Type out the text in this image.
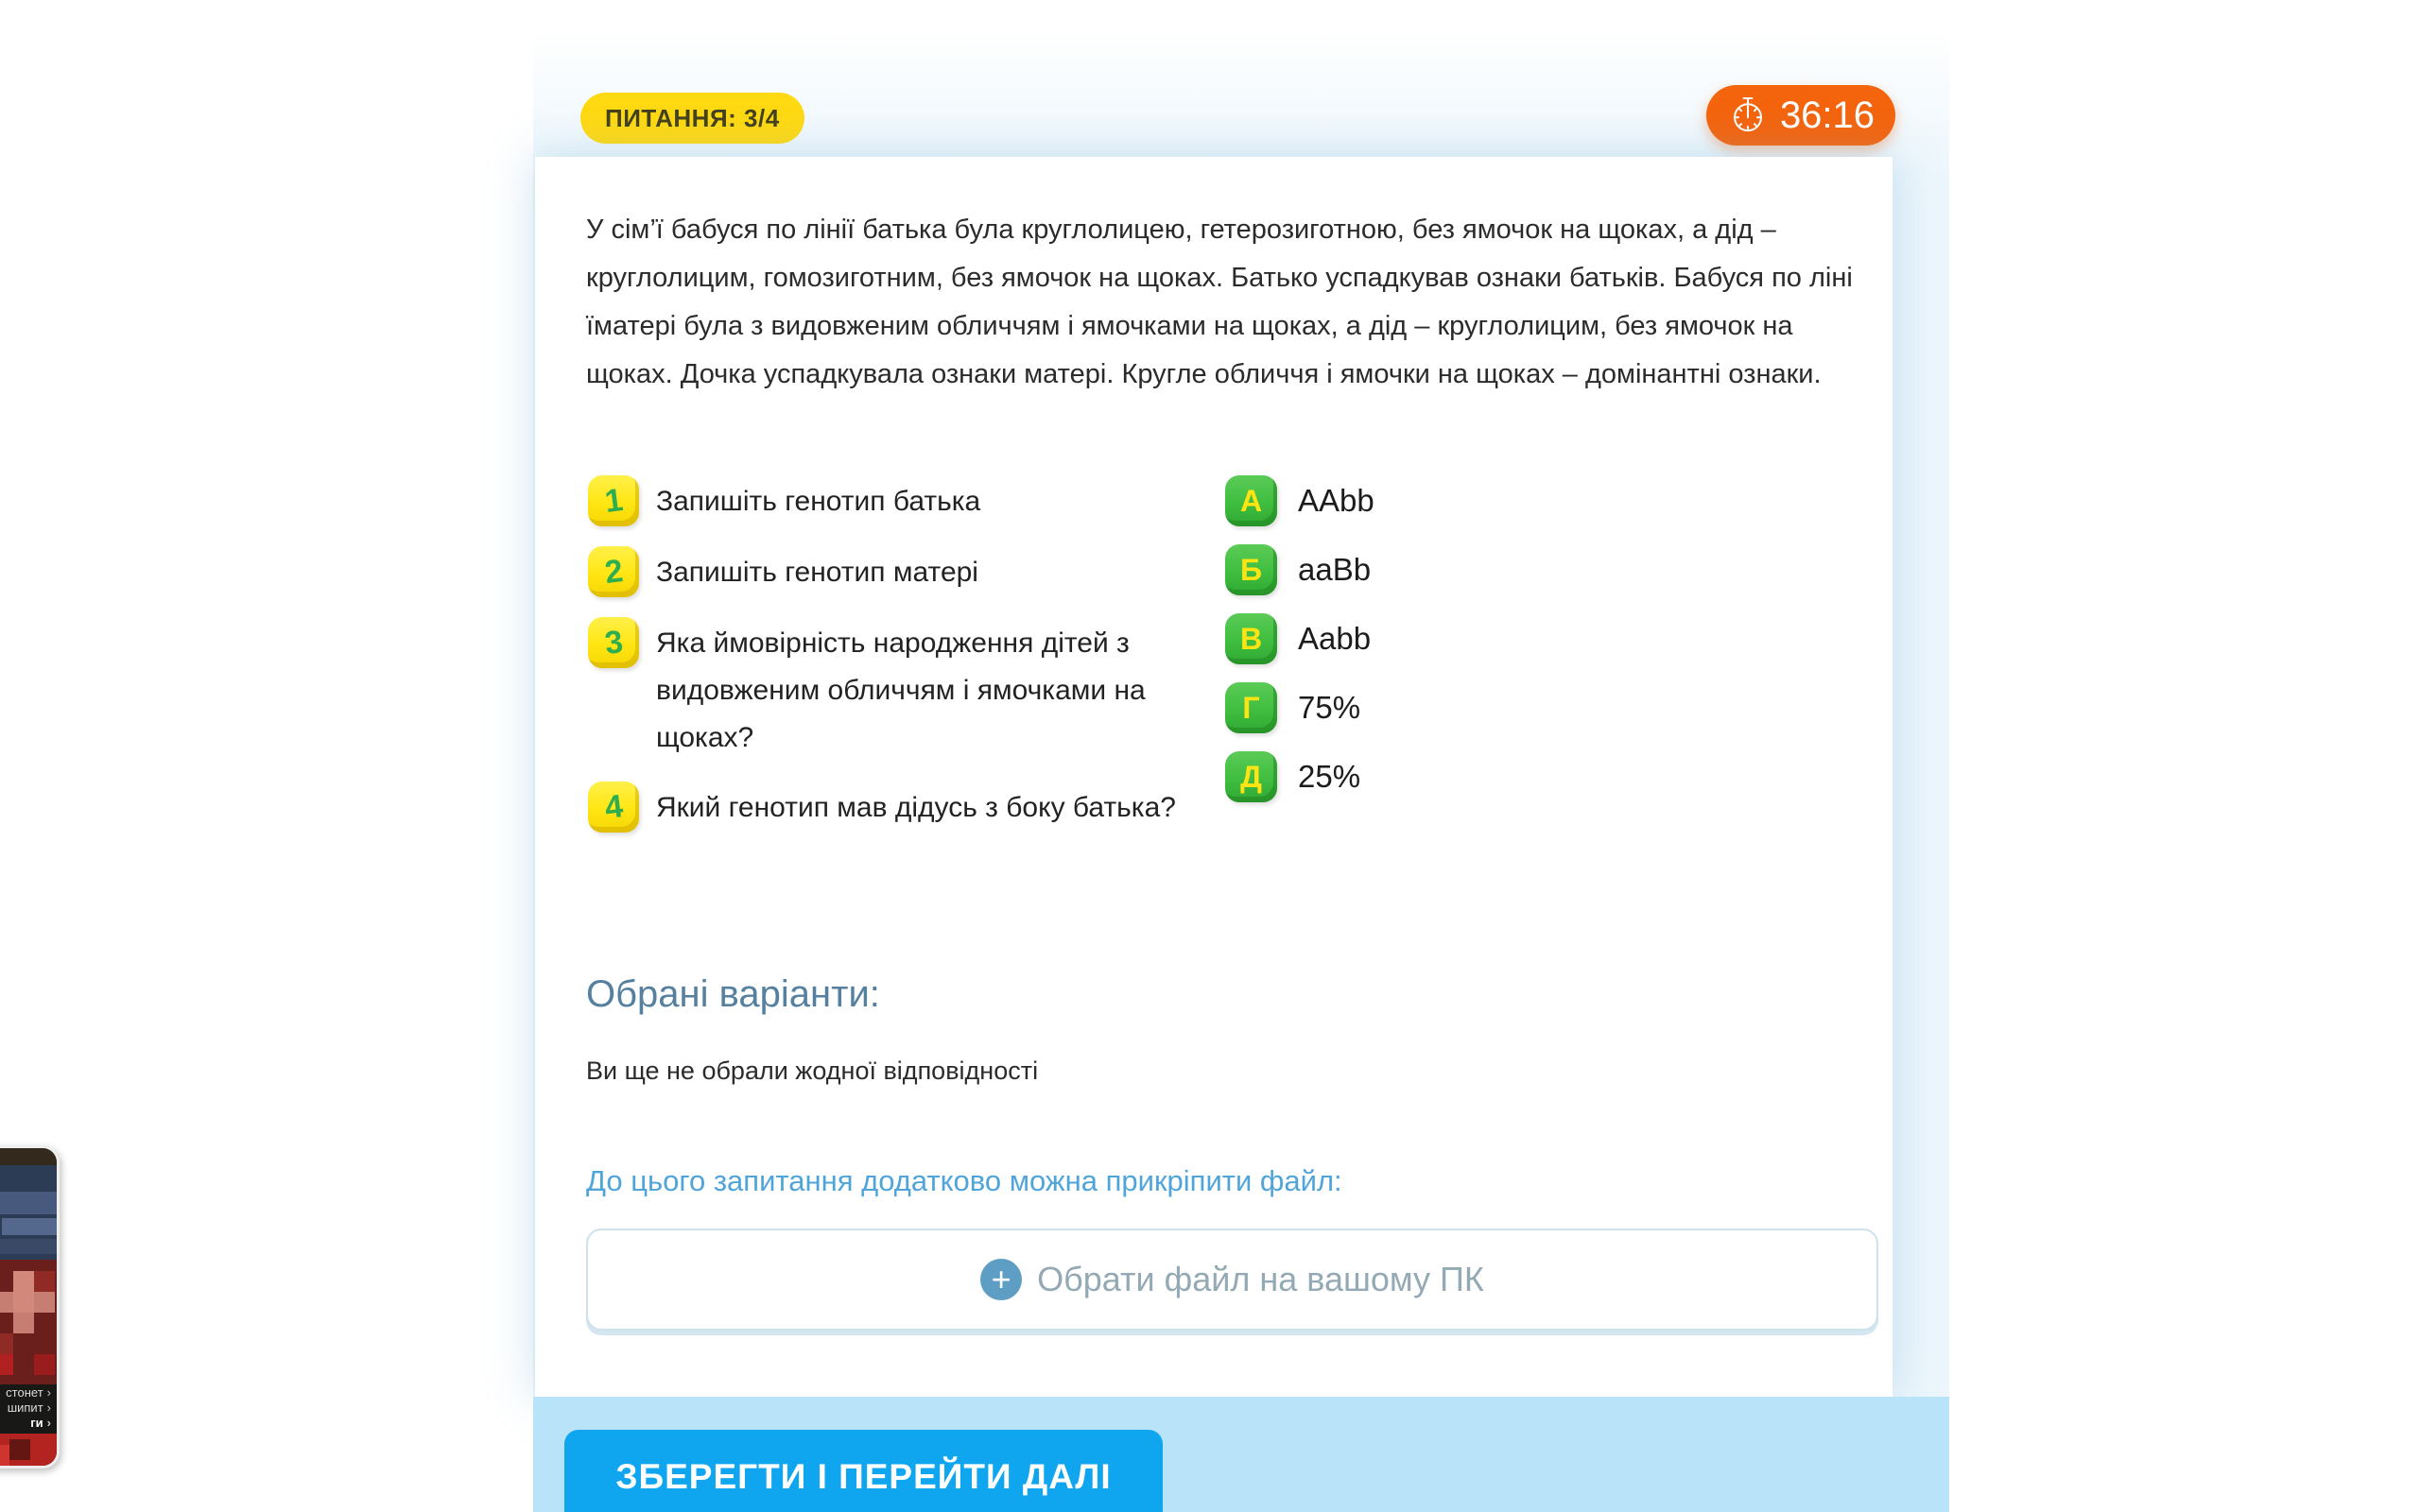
ПИТАННЯ: 3/4	36:16
У сім’ї бабуся по лінії батька була круглолицею, гетерозиготною, без ямочок на щоках, а дід – круглолицим, гомозиготним, без ямочок на щоках. Батько успадкував ознаки батьків. Бабуся по ліні їматері була з видовженим обличчям і ямочками на щоках, а дід – круглолицим, без ямочок на щоках. Дочка успадкувала ознаки матері. Кругле обличчя і ямочки на щоках – домінантні ознаки.
1 Запишіть генотип батька
2 Запишіть генотип матері
3 Яка ймовірність народження дітей з видовженим обличчям і ямочками на щоках?
4 Який генотип мав дідусь з боку батька?
А AAbb
Б aaBb
В Aabb
Г 75%
Д 25%
Обрані варіанти:
Ви ще не обрали жодної відповідності
До цього запитання додатково можна прикріпити файл:
+ Обрати файл на вашому ПК
ЗБЕРЕГТИ І ПЕРЕЙТИ ДАЛІ
стонет ›
шипит ›
ги ›
